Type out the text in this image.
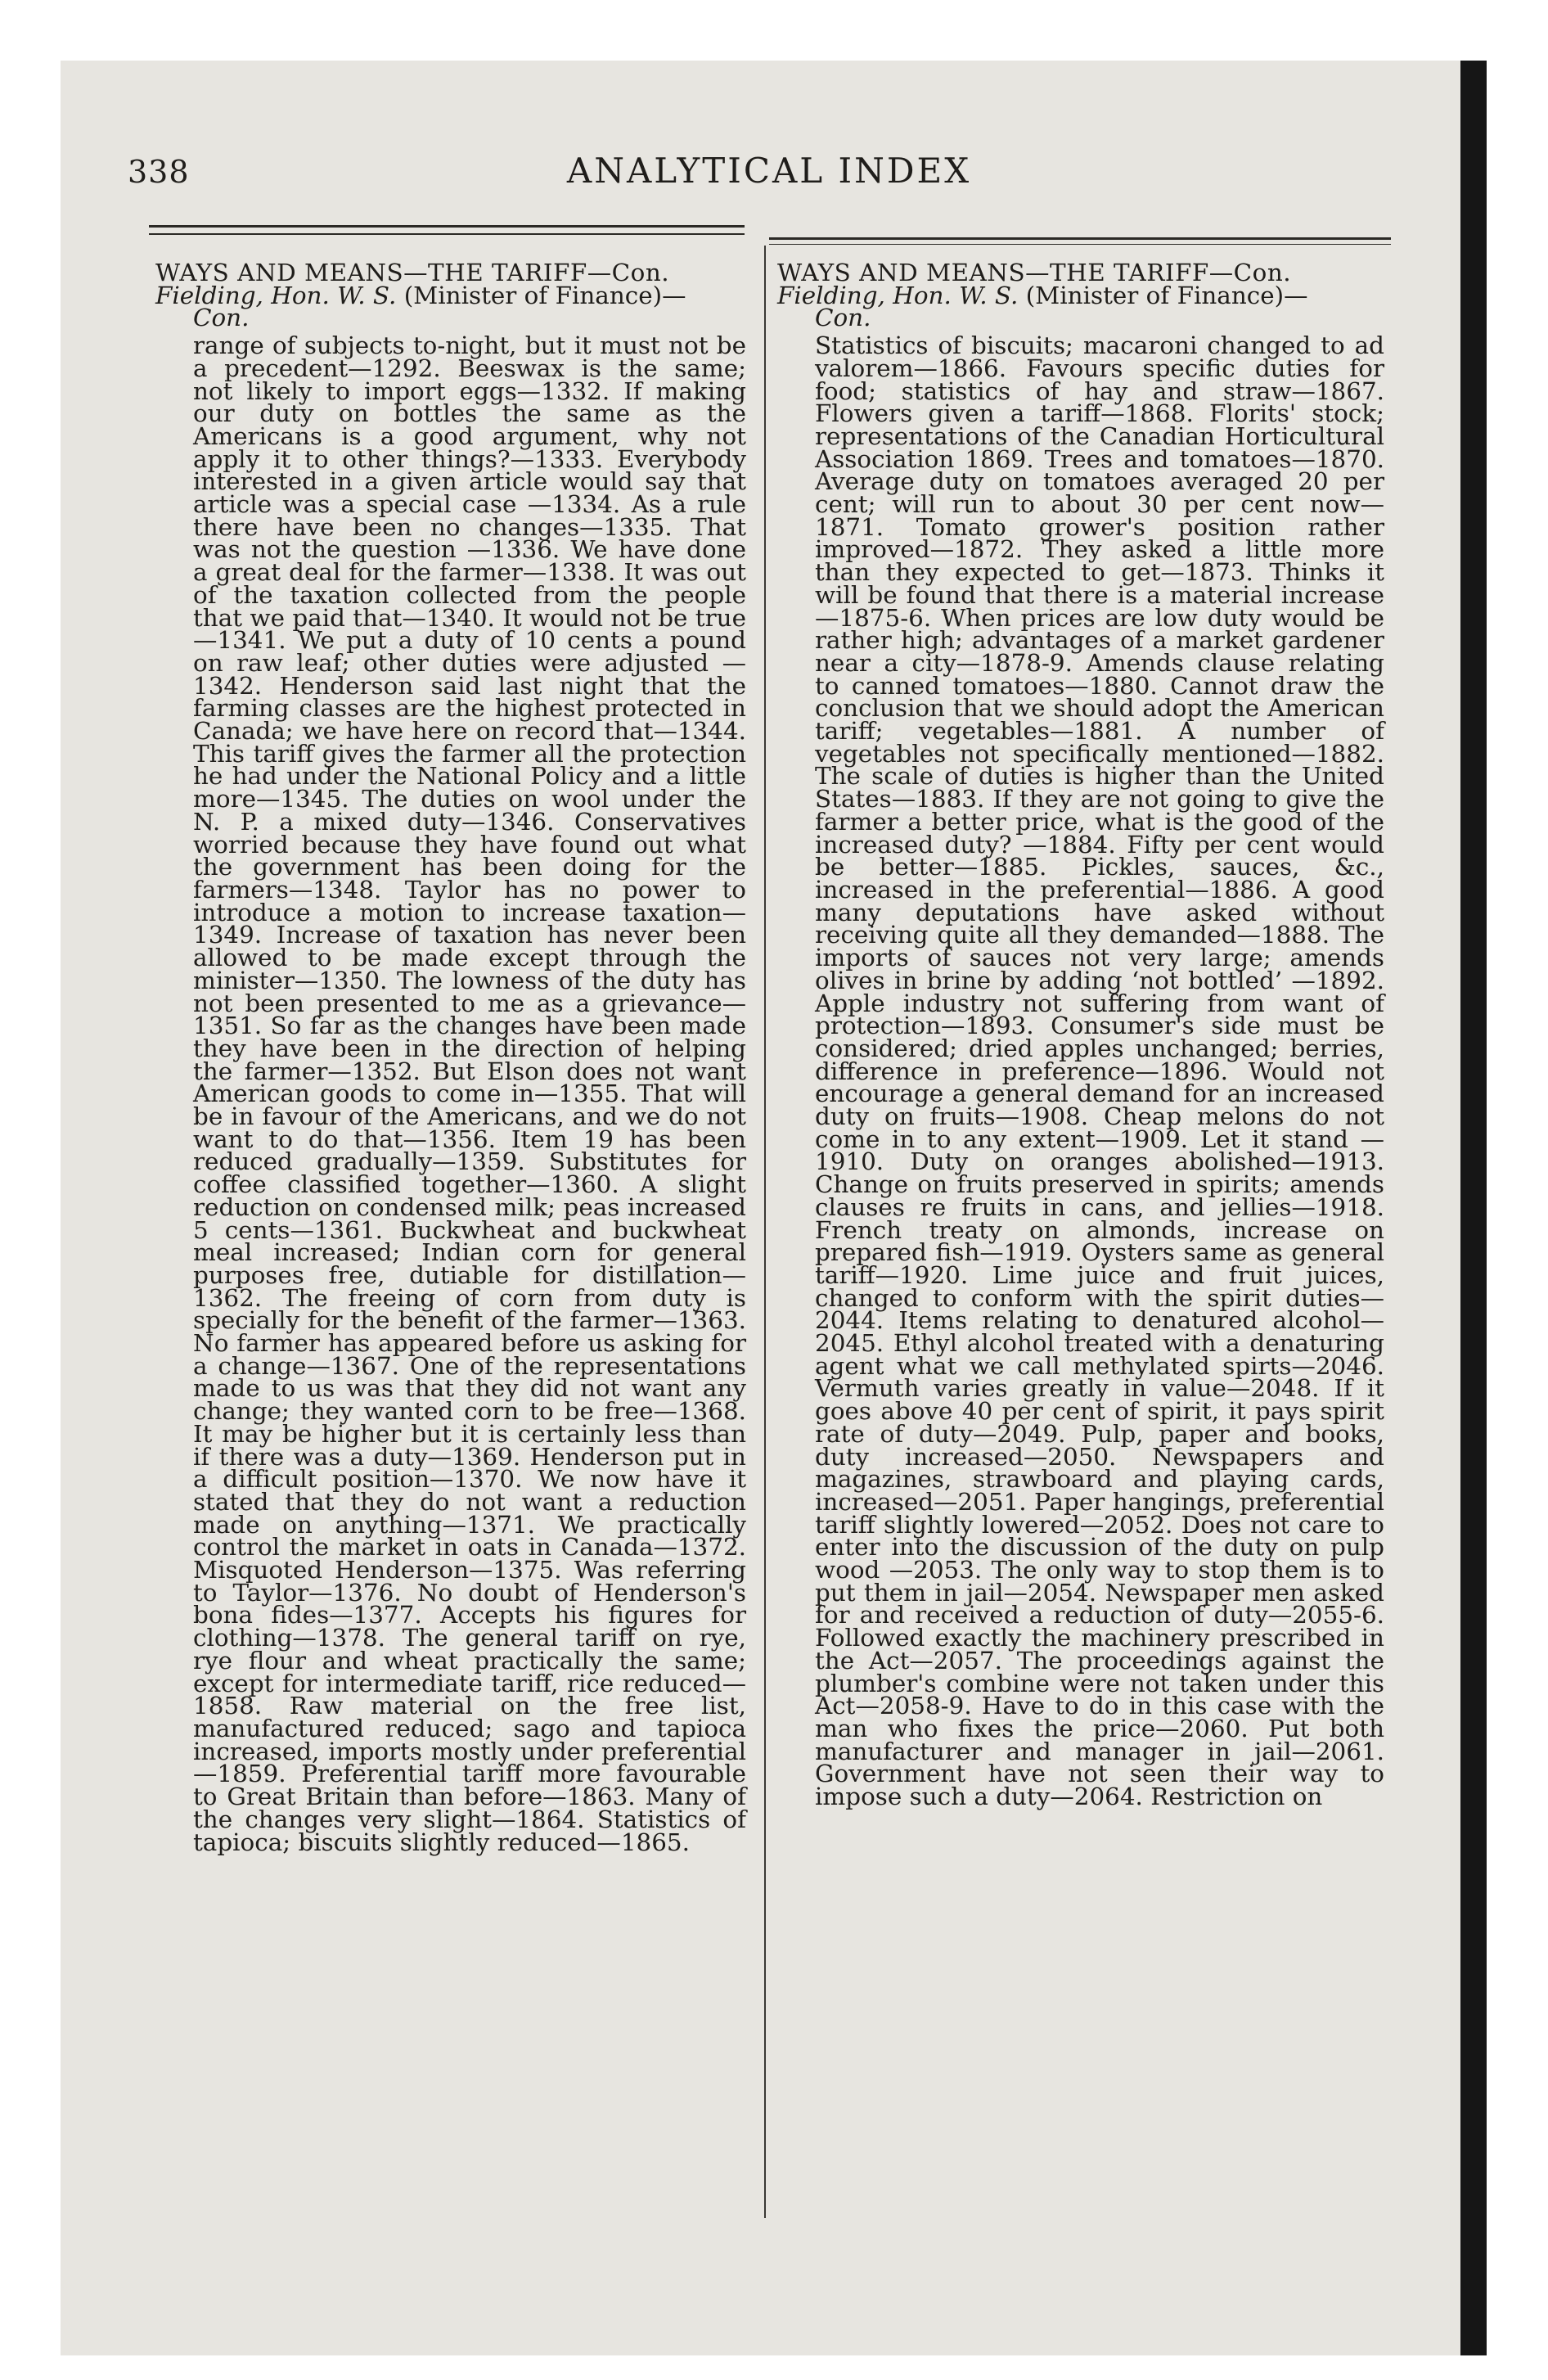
338	ANALYTICAL INDEX
WAYS AND MEANS—THE TARIFF—Con.
Fielding, Hon. W. S. (Minister of Finance)—
Con.
range of subjects to-night, but it must not be a precedent—1292. Beeswax is the same; not likely to import eggs—1332. If making our duty on bottles the same as the Americans is a good argument, why not apply it to other things?—1333. Everybody interested in a given article would say that article was a special case —1334. As a rule there have been no changes—1335. That was not the question —1336. We have done a great deal for the farmer—1338. It was out of the taxation collected from the people that we paid that—1340. It would not be true—1341. We put a duty of 10 cents a pound on raw leaf; other duties were adjusted —1342. Henderson said last night that the farming classes are the highest protected in Canada; we have here on record that—1344. This tariff gives the farmer all the protection he had under the National Policy and a little more—1345. The duties on wool under the N. P. a mixed duty—1346. Conservatives worried because they have found out what the government has been doing for the farmers—1348. Taylor has no power to introduce a motion to increase taxation—1349. Increase of taxation has never been allowed to be made except through the minister—1350. The lowness of the duty has not been presented to me as a grievance—1351. So far as the changes have been made they have been in the direction of helping the farmer—1352. But Elson does not want American goods to come in—1355. That will be in favour of the Americans, and we do not want to do that—1356. Item 19 has been reduced gradually—1359. Substitutes for coffee classified together—1360. A slight reduction on condensed milk; peas increased 5 cents—1361. Buckwheat and buckwheat meal increased; Indian corn for general purposes free, dutiable for distillation—1362. The freeing of corn from duty is specially for the benefit of the farmer—1363. No farmer has appeared before us asking for a change—1367. One of the representations made to us was that they did not want any change; they wanted corn to be free—1368. It may be higher but it is certainly less than if there was a duty—1369. Henderson put in a difficult position—1370. We now have it stated that they do not want a reduction made on anything—1371. We practically control the market in oats in Canada—1372. Misquoted Henderson—1375. Was referring to Taylor—1376. No doubt of Henderson's bona fides—1377. Accepts his figures for clothing—1378. The general tariff on rye, rye flour and wheat practically the same; except for intermediate tariff, rice reduced—1858. Raw material on the free list, manufactured reduced; sago and tapioca increased, imports mostly under preferential—1859. Preferential tariff more favourable to Great Britain than before—1863. Many of the changes very slight—1864. Statistics of tapioca; biscuits slightly reduced—1865.
WAYS AND MEANS—THE TARIFF—Con.
Fielding, Hon. W. S. (Minister of Finance)—
Con.
Statistics of biscuits; macaroni changed to ad valorem—1866. Favours specific duties for food; statistics of hay and straw—1867. Flowers given a tariff—1868. Florits' stock; representations of the Canadian Horticultural Association 1869. Trees and tomatoes—1870. Average duty on tomatoes averaged 20 per cent; will run to about 30 per cent now—1871. Tomato grower's position rather improved—1872. They asked a little more than they expected to get—1873. Thinks it will be found that there is a material increase—1875-6. When prices are low duty would be rather high; advantages of a market gardener near a city—1878-9. Amends clause relating to canned tomatoes—1880. Cannot draw the conclusion that we should adopt the American tariff; vegetables—1881. A number of vegetables not specifically mentioned—1882. The scale of duties is higher than the United States—1883. If they are not going to give the farmer a better price, what is the good of the increased duty? —1884. Fifty per cent would be better—1885. Pickles, sauces, &c., increased in the preferential—1886. A good many deputations have asked without receiving quite all they demanded—1888. The imports of sauces not very large; amends olives in brine by adding ‘not bottled’ —1892. Apple industry not suffering from want of protection—1893. Consumer's side must be considered; dried apples unchanged; berries, difference in preference—1896. Would not encourage a general demand for an increased duty on fruits—1908. Cheap melons do not come in to any extent—1909. Let it stand —1910. Duty on oranges abolished—1913. Change on fruits preserved in spirits; amends clauses re fruits in cans, and jellies—1918. French treaty on almonds, increase on prepared fish—1919. Oysters same as general tariff—1920. Lime juice and fruit juices, changed to conform with the spirit duties—2044. Items relating to denatured alcohol—2045. Ethyl alcohol treated with a denaturing agent what we call methylated spirts—2046. Vermuth varies greatly in value—2048. If it goes above 40 per cent of spirit, it pays spirit rate of duty—2049. Pulp, paper and books, duty increased—2050. Newspapers and magazines, strawboard and playing cards, increased—2051. Paper hangings, preferential tariff slightly lowered—2052. Does not care to enter into the discussion of the duty on pulp wood —2053. The only way to stop them is to put them in jail—2054. Newspaper men asked for and received a reduction of duty—2055-6. Followed exactly the machinery prescribed in the Act—2057. The proceedings against the plumber's combine were not taken under this Act—2058-9. Have to do in this case with the man who fixes the price—2060. Put both manufacturer and manager in jail—2061. Government have not seen their way to impose such a duty—2064. Restriction on
